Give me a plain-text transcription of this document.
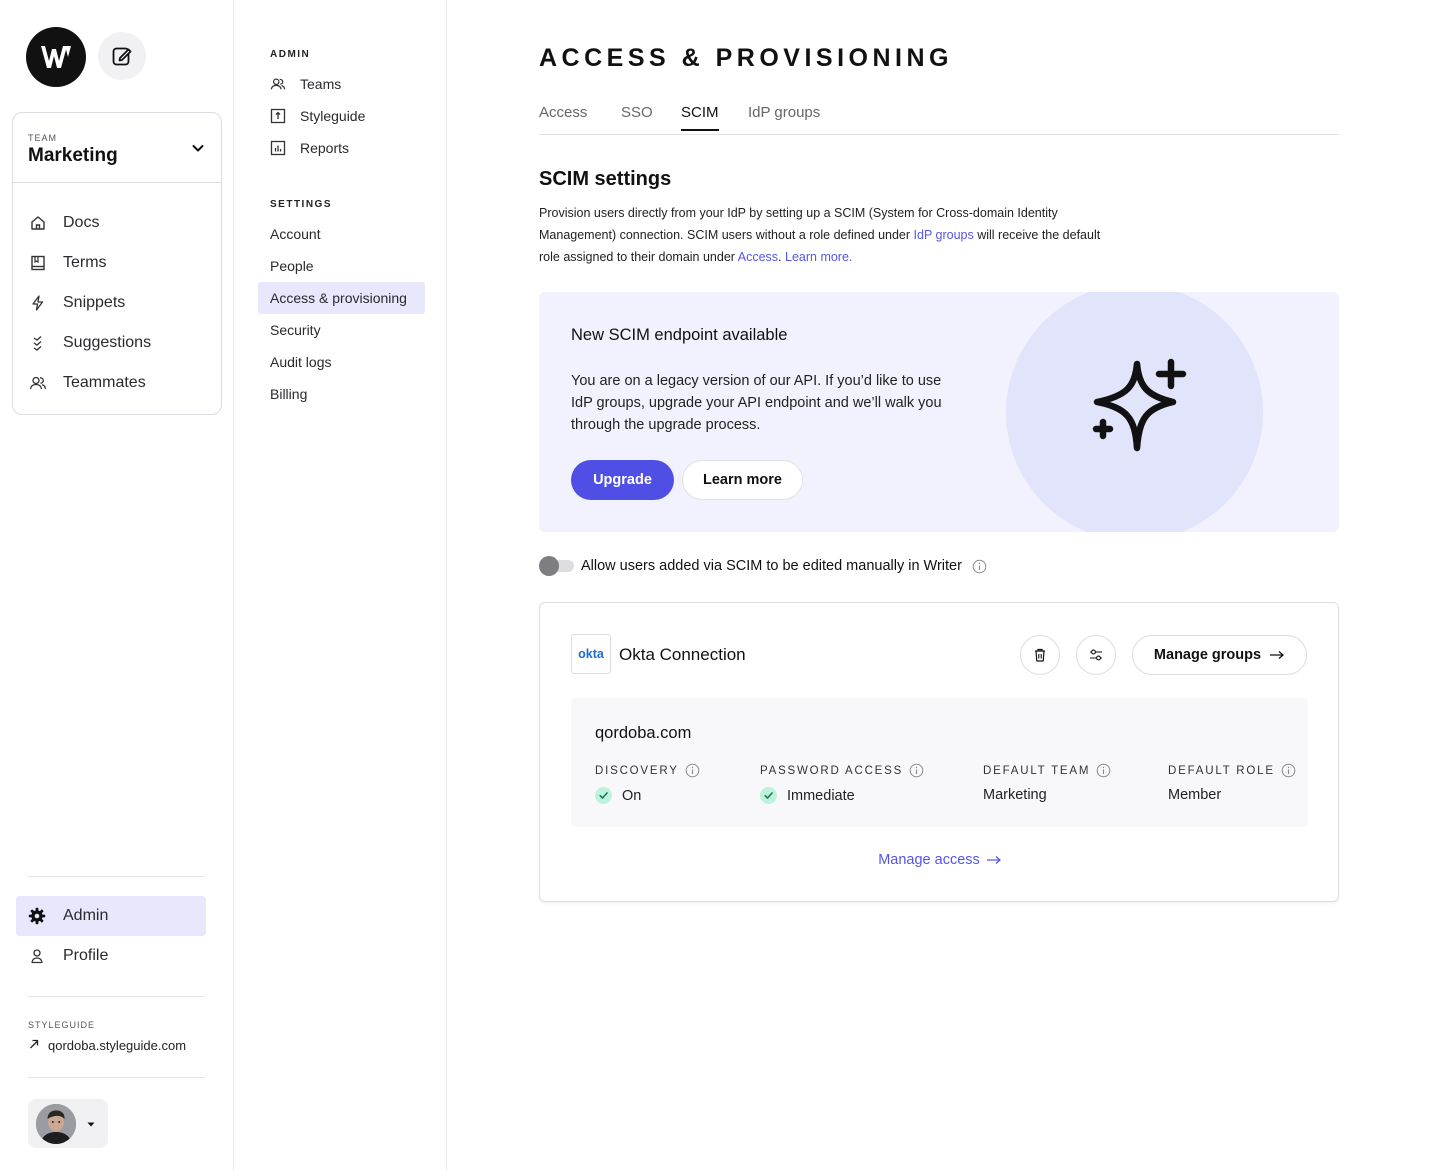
TEAM
Marketing
Docs
Terms
Snippets
Suggestions
Teammates
Admin
Profile
STYLEGUIDE
qordoba.styleguide.com
ADMIN
Teams
Styleguide
Reports
SETTINGS
Account
People
Access & provisioning
Security
Audit logs
Billing
ACCESS & PROVISIONING
Access SSO SCIM IdP groups
SCIM settings

Provision users directly from your IdP by setting up a SCIM (System for Cross-domain Identity Management) connection. SCIM users without a role defined under IdP groups will receive the default role assigned to their domain under Access. Learn more.

New SCIM endpoint available
You are on a legacy version of our API. If you’d like to use IdP groups, upgrade your API endpoint and we’ll walk you through the upgrade process.
Upgrade	Learn more
Allow users added via SCIM to be edited manually in Writer
okta Okta Connection	Manage groups
qordoba.com
DISCOVERY
On
PASSWORD ACCESS
Immediate
DEFAULT TEAM
Marketing
DEFAULT ROLE
Member
Manage access
